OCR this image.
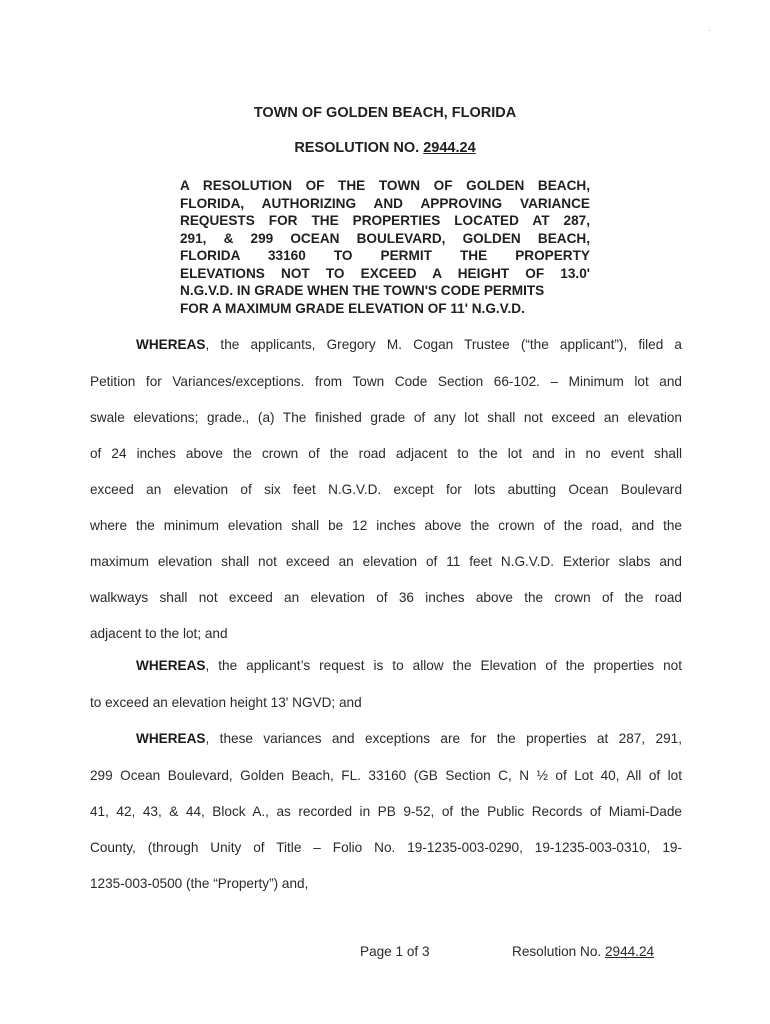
·
TOWN OF GOLDEN BEACH, FLORIDA
RESOLUTION NO. 2944.24
A RESOLUTION OF THE TOWN OF GOLDEN BEACH,
FLORIDA, AUTHORIZING AND APPROVING VARIANCE
REQUESTS FOR THE PROPERTIES LOCATED AT 287,
291, & 299 OCEAN BOULEVARD, GOLDEN BEACH,
FLORIDA 33160 TO PERMIT THE PROPERTY
ELEVATIONS NOT TO EXCEED A HEIGHT OF 13.0'
N.G.V.D. IN GRADE WHEN THE TOWN'S CODE PERMITS
FOR A MAXIMUM GRADE ELEVATION OF 11' N.G.V.D.
WHEREAS, the applicants, Gregory M. Cogan Trustee (“the applicant”), filed a
Petition for Variances/exceptions. from Town Code Section 66-102. – Minimum lot and
swale elevations; grade., (a) The finished grade of any lot shall not exceed an elevation
of 24 inches above the crown of the road adjacent to the lot and in no event shall
exceed an elevation of six feet N.G.V.D. except for lots abutting Ocean Boulevard
where the minimum elevation shall be 12 inches above the crown of the road, and the
maximum elevation shall not exceed an elevation of 11 feet N.G.V.D. Exterior slabs and
walkways shall not exceed an elevation of 36 inches above the crown of the road
adjacent to the lot; and
WHEREAS, the applicant’s request is to allow the Elevation of the properties not
to exceed an elevation height 13' NGVD; and
WHEREAS, these variances and exceptions are for the properties at 287, 291,
299 Ocean Boulevard, Golden Beach, FL. 33160 (GB Section C, N ½ of Lot 40, All of lot
41, 42, 43, & 44, Block A., as recorded in PB 9-52, of the Public Records of Miami-Dade
County, (through Unity of Title – Folio No. 19-1235-003-0290, 19-1235-003-0310, 19-
1235-003-0500 (the “Property”) and,
Page 1 of 3	Resolution No. 2944.24
